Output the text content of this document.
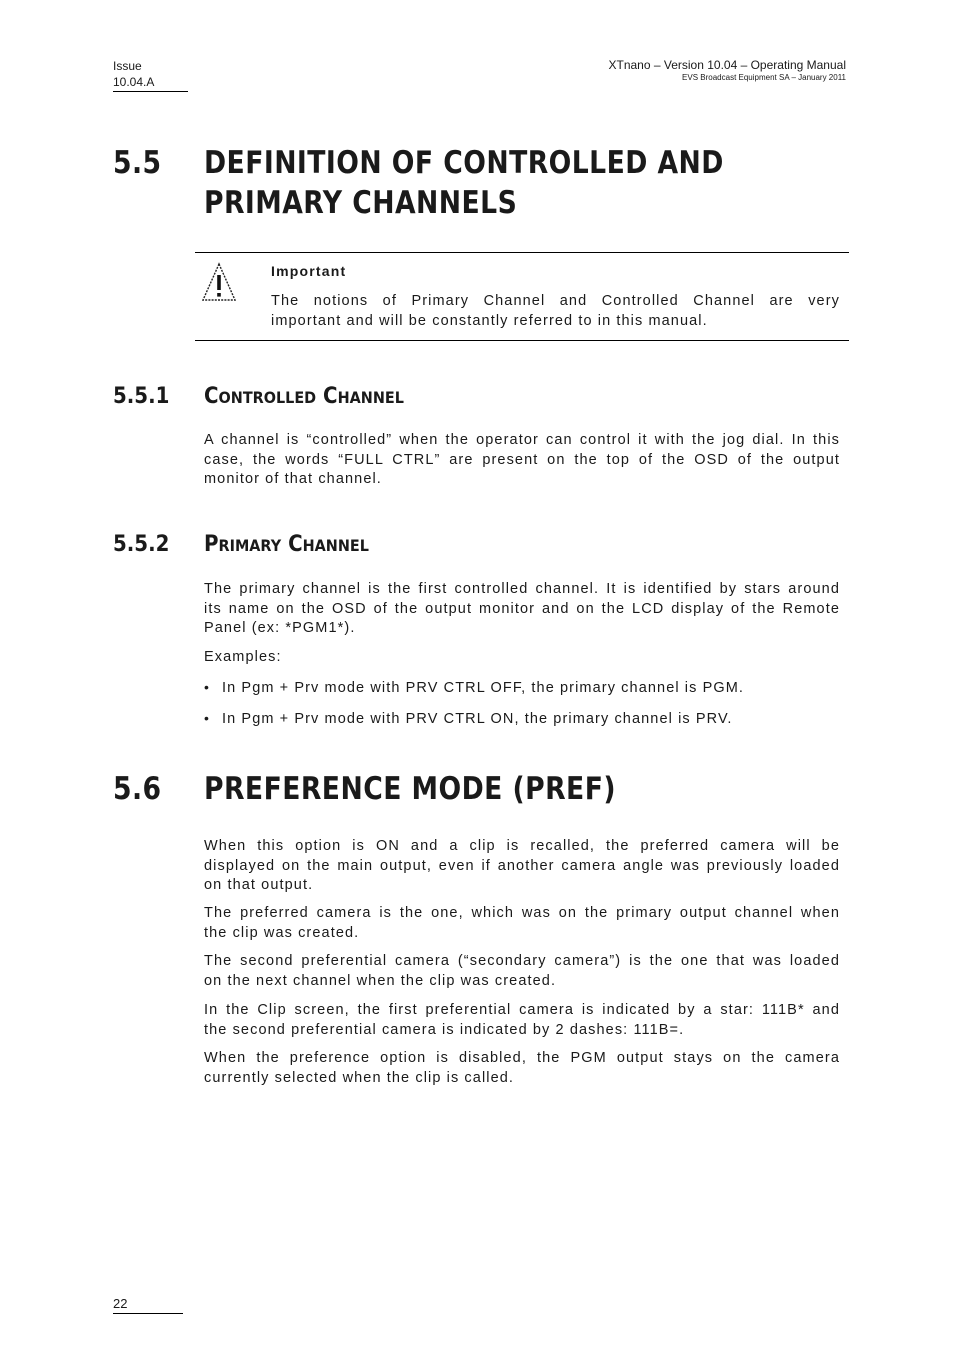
Issue
10.04.A
XTnano – Version 10.04 – Operating Manual
EVS Broadcast Equipment SA – January 2011
5.5 DEFINITION OF CONTROLLED AND
PRIMARY CHANNELS
Important
The notions of Primary Channel and Controlled Channel are very
important and will be constantly referred to in this manual.
5.5.1 CONTROLLED CHANNEL
A channel is “controlled” when the operator can control it with the jog dial. In this
case, the words “FULL CTRL” are present on the top of the OSD of the output
monitor of that channel.
5.5.2 PRIMARY CHANNEL
The primary channel is the first controlled channel. It is identified by stars around
its name on the OSD of the output monitor and on the LCD display of the Remote
Panel (ex: *PGM1*).
Examples:
• In Pgm + Prv mode with PRV CTRL OFF, the primary channel is PGM.
• In Pgm + Prv mode with PRV CTRL ON, the primary channel is PRV.
5.6 PREFERENCE MODE (PREF)
When this option is ON and a clip is recalled, the preferred camera will be
displayed on the main output, even if another camera angle was previously loaded
on that output.
The preferred camera is the one, which was on the primary output channel when
the clip was created.
The second preferential camera (“secondary camera”) is the one that was loaded
on the next channel when the clip was created.
In the Clip screen, the first preferential camera is indicated by a star: 111B* and
the second preferential camera is indicated by 2 dashes: 111B=.
When the preference option is disabled, the PGM output stays on the camera
currently selected when the clip is called.
22
